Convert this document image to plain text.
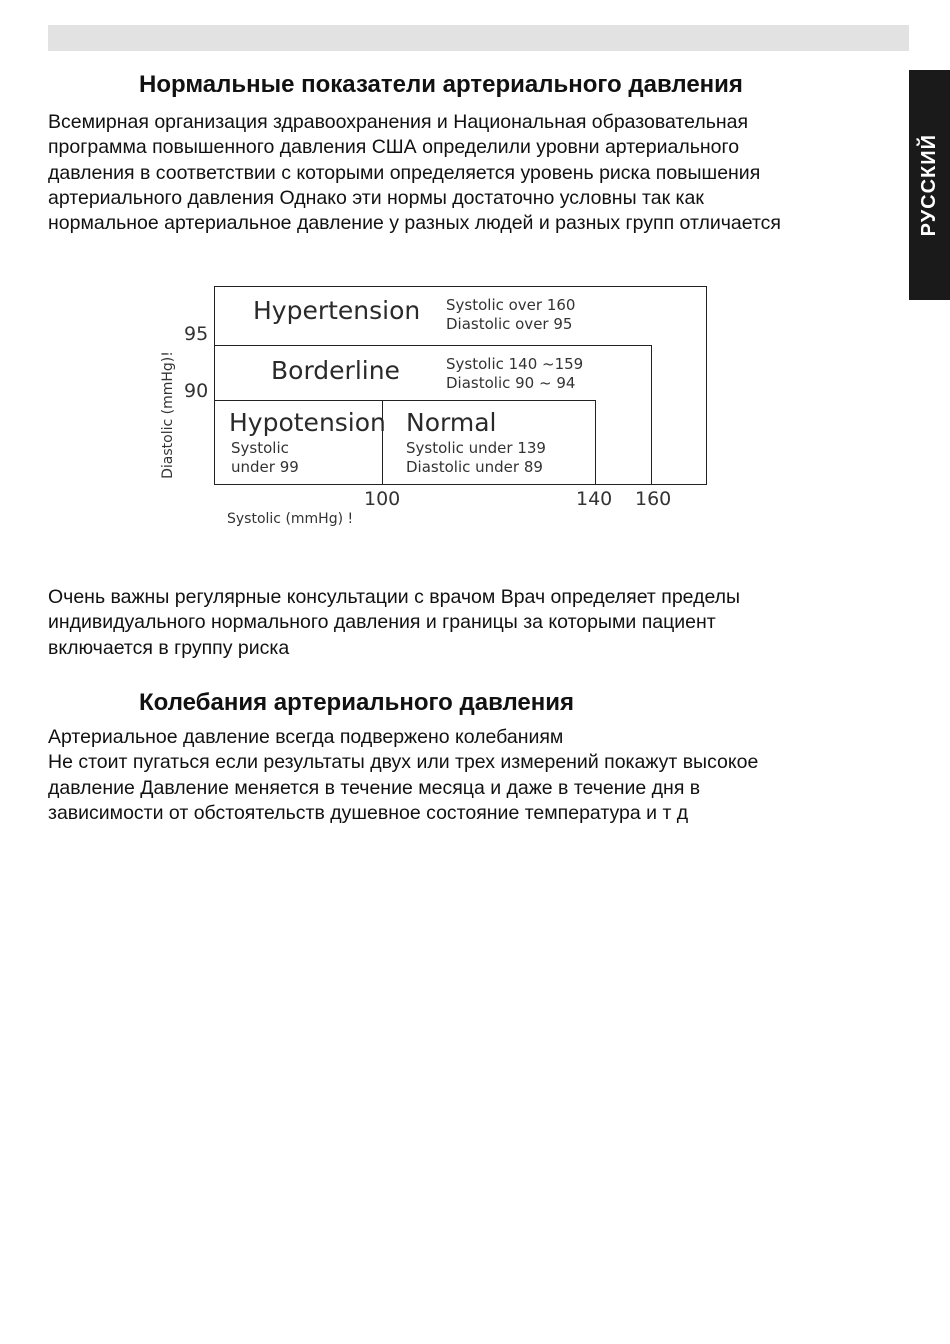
РУССКИЙ
Нормальные показатели артериального давления
Всемирная организация здравоохранения и Национальная образовательная
программа повышенного давления США определили уровни артериального
давления в соответствии с которыми определяется уровень риска повышения
артериального давления Однако эти нормы достаточно условны так как
нормальное артериальное давление у разных людей и разных групп отличается
Hypertension Systolic over 160
Diastolic over 95
Borderline	Systolic 140 ~159
Diastolic 90 ~ 94
Hypotension
Systolic
under 99
Normal
Systolic under 139
Diastolic under 89
95
90
100	140 160
Diastolic (mmHg)!
Systolic (mmHg) !
Очень важны регулярные консультации с врачом Врач определяет пределы
индивидуального нормального давления и границы за которыми пациент
включается в группу риска
Колебания артериального давления
Артериальное давление всегда подвержено колебаниям
Не стоит пугаться если результаты двух или трех измерений покажут высокое
давление Давление меняется в течение месяца и даже в течение дня в
зависимости от обстоятельств душевное состояние температура и т д
